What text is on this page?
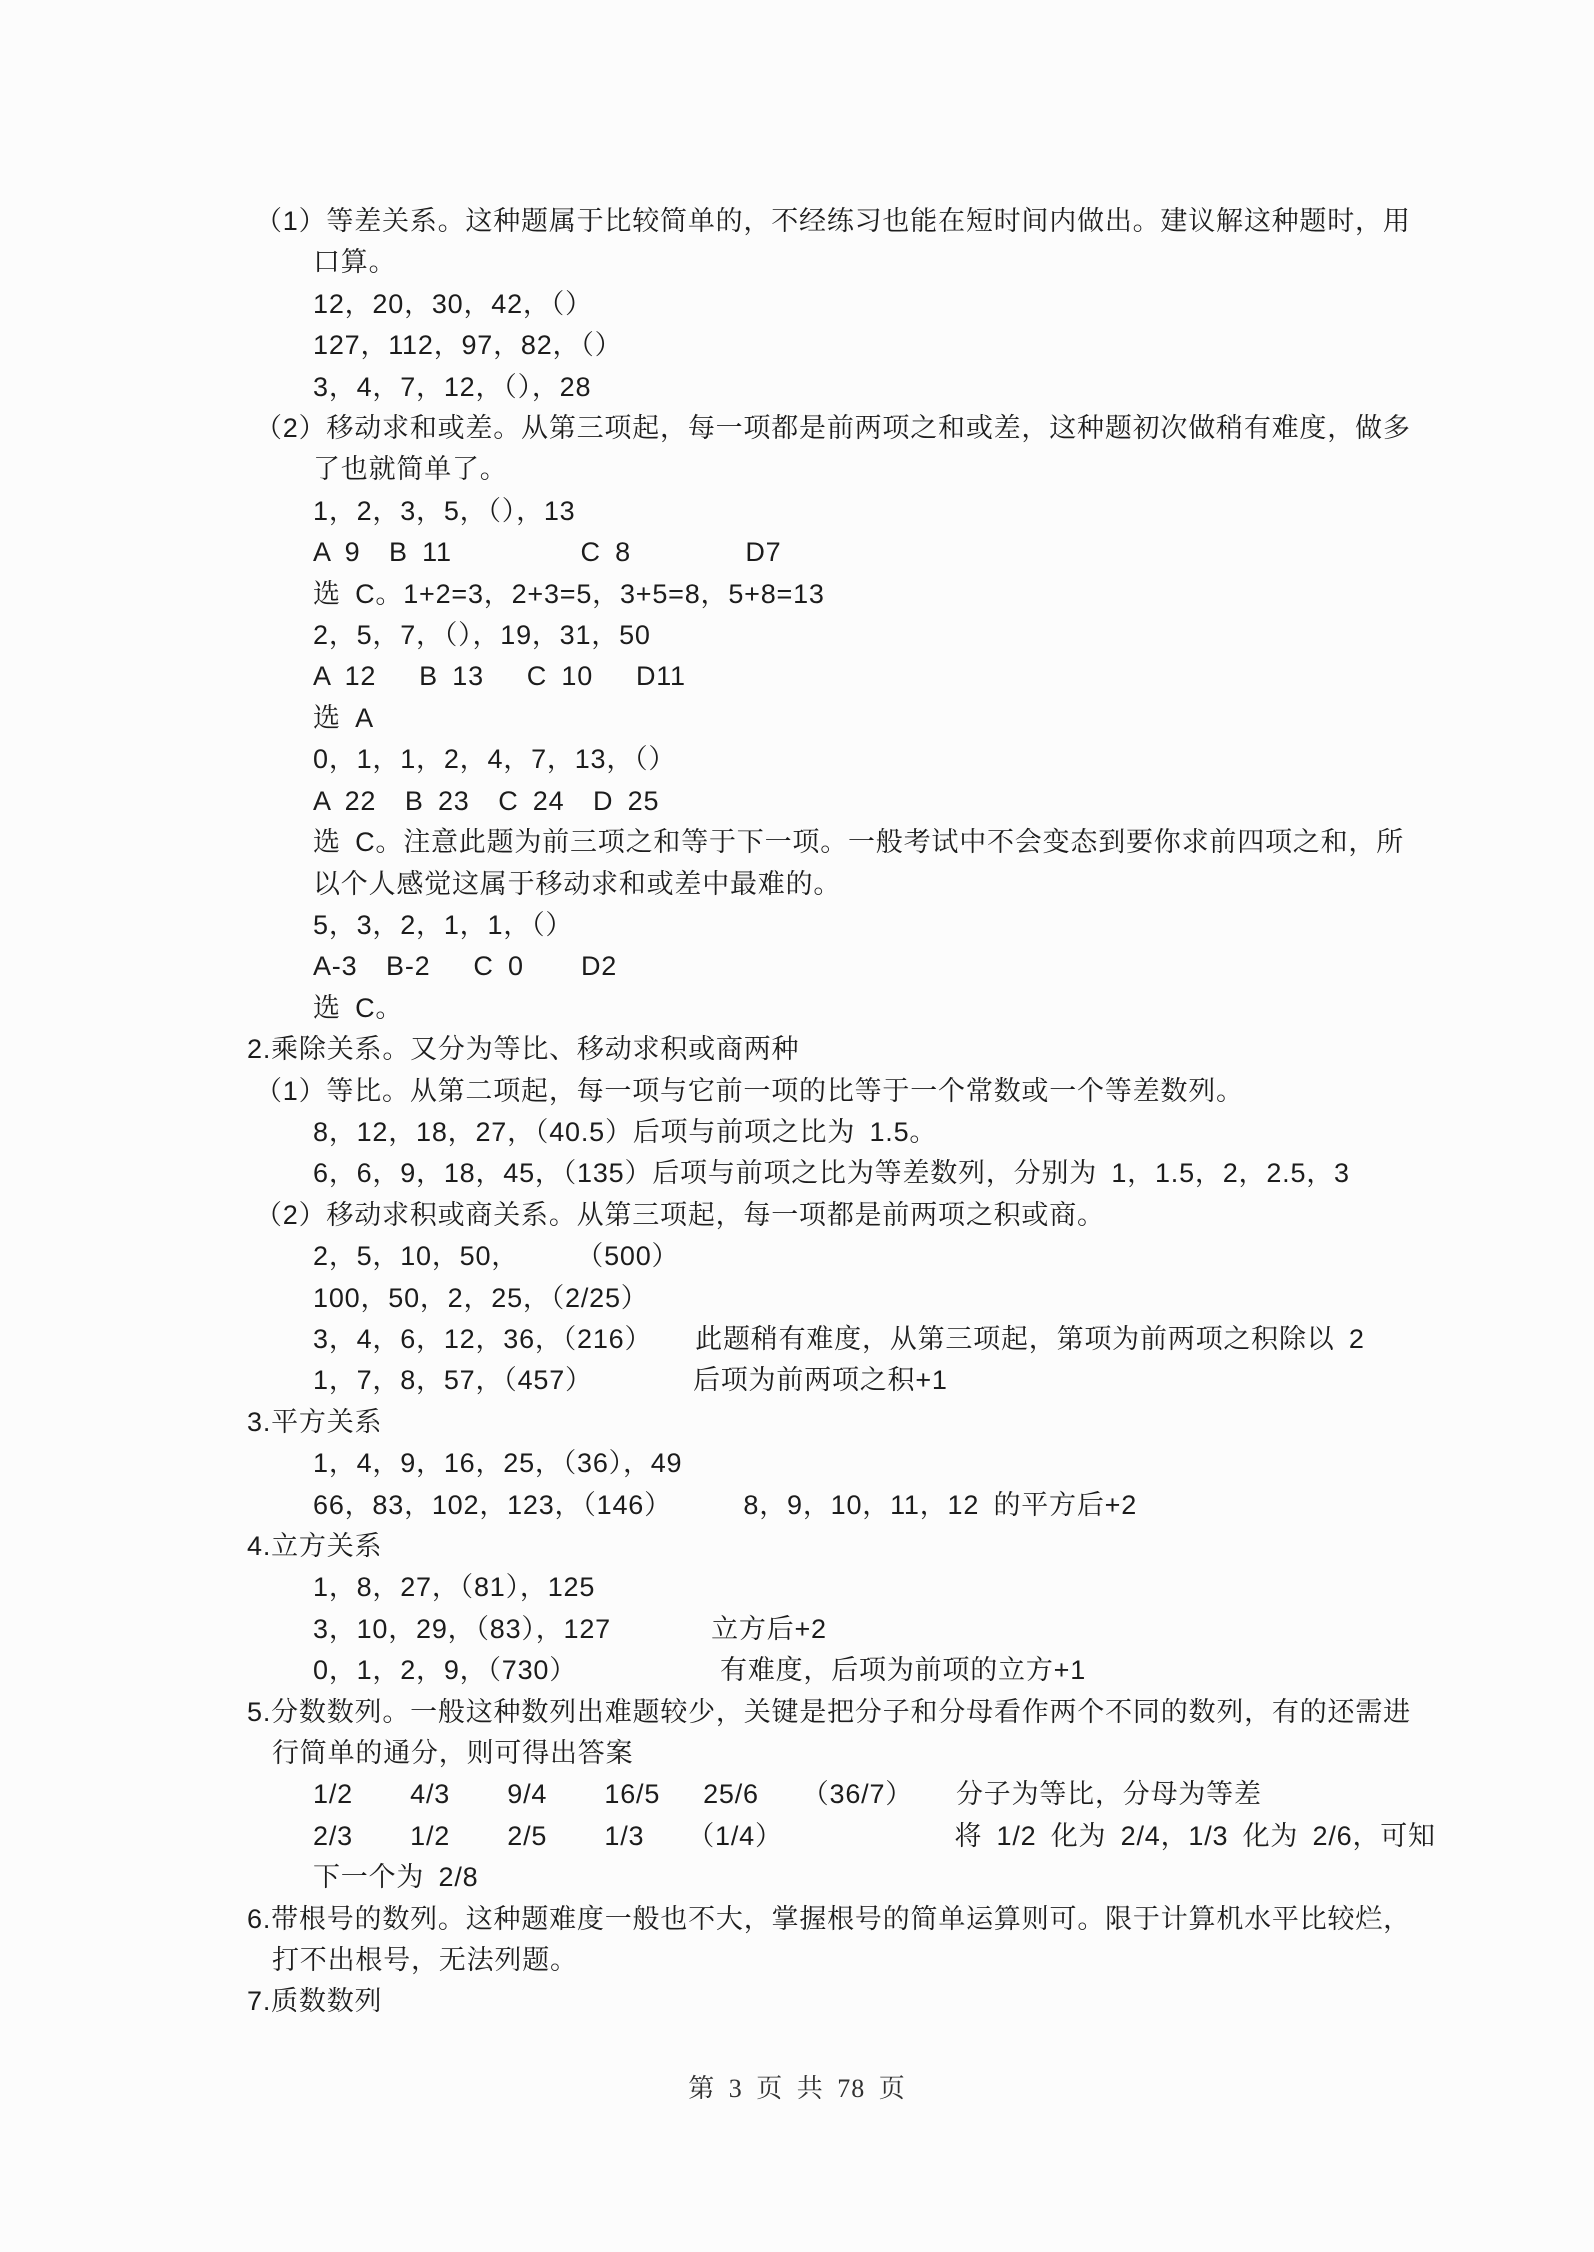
（1）等差关系。这种题属于比较简单的，不经练习也能在短时间内做出。建议解这种题时，用
口算。
12，20，30，42，（）
127，112，97，82，（）
3，4，7，12，（），28
（2）移动求和或差。从第三项起，每一项都是前两项之和或差，这种题初次做稍有难度，做多
了也就简单了。
1，2，3，5，（），13
A 9  B 11         C 8        D7
选 C。1+2=3，2+3=5，3+5=8，5+8=13
2，5，7，（），19，31，50
A 12   B 13   C 10   D11
选 A
0，1，1，2，4，7，13，（）
A 22  B 23  C 24  D 25
选 C。注意此题为前三项之和等于下一项。一般考试中不会变态到要你求前四项之和，所
以个人感觉这属于移动求和或差中最难的。
5，3，2，1，1，（）
A-3  B-2   C 0    D2
选 C。
2.乘除关系。又分为等比、移动求积或商两种
（1）等比。从第二项起，每一项与它前一项的比等于一个常数或一个等差数列。
8，12，18，27，（40.5）后项与前项之比为 1.5。
6，6，9，18，45，（135）后项与前项之比为等差数列，分别为 1，1.5，2，2.5，3
（2）移动求积或商关系。从第三项起，每一项都是前两项之积或商。
2，5，10，50，    （500）
100，50，2，25，（2/25）
3，4，6，12，36，（216）   此题稍有难度，从第三项起，第项为前两项之积除以 2
1，7，8，57，（457）       后项为前两项之积+1
3.平方关系
1，4，9，16，25，（36），49
66，83，102，123，（146）     8，9，10，11，12 的平方后+2
4.立方关系
1，8，27，（81），125
3，10，29，（83），127       立方后+2
0，1，2，9，（730）          有难度，后项为前项的立方+1
5.分数数列。一般这种数列出难题较少，关键是把分子和分母看作两个不同的数列，有的还需进
行简单的通分，则可得出答案
1/2    4/3    9/4    16/5   25/6   （36/7）   分子为等比，分母为等差
2/3    1/2    2/5    1/3   （1/4）            将 1/2 化为 2/4，1/3 化为 2/6，可知
下一个为 2/8
6.带根号的数列。这种题难度一般也不大，掌握根号的简单运算则可。限于计算机水平比较烂，
打不出根号，无法列题。
7.质数数列
第 3 页 共 78 页
